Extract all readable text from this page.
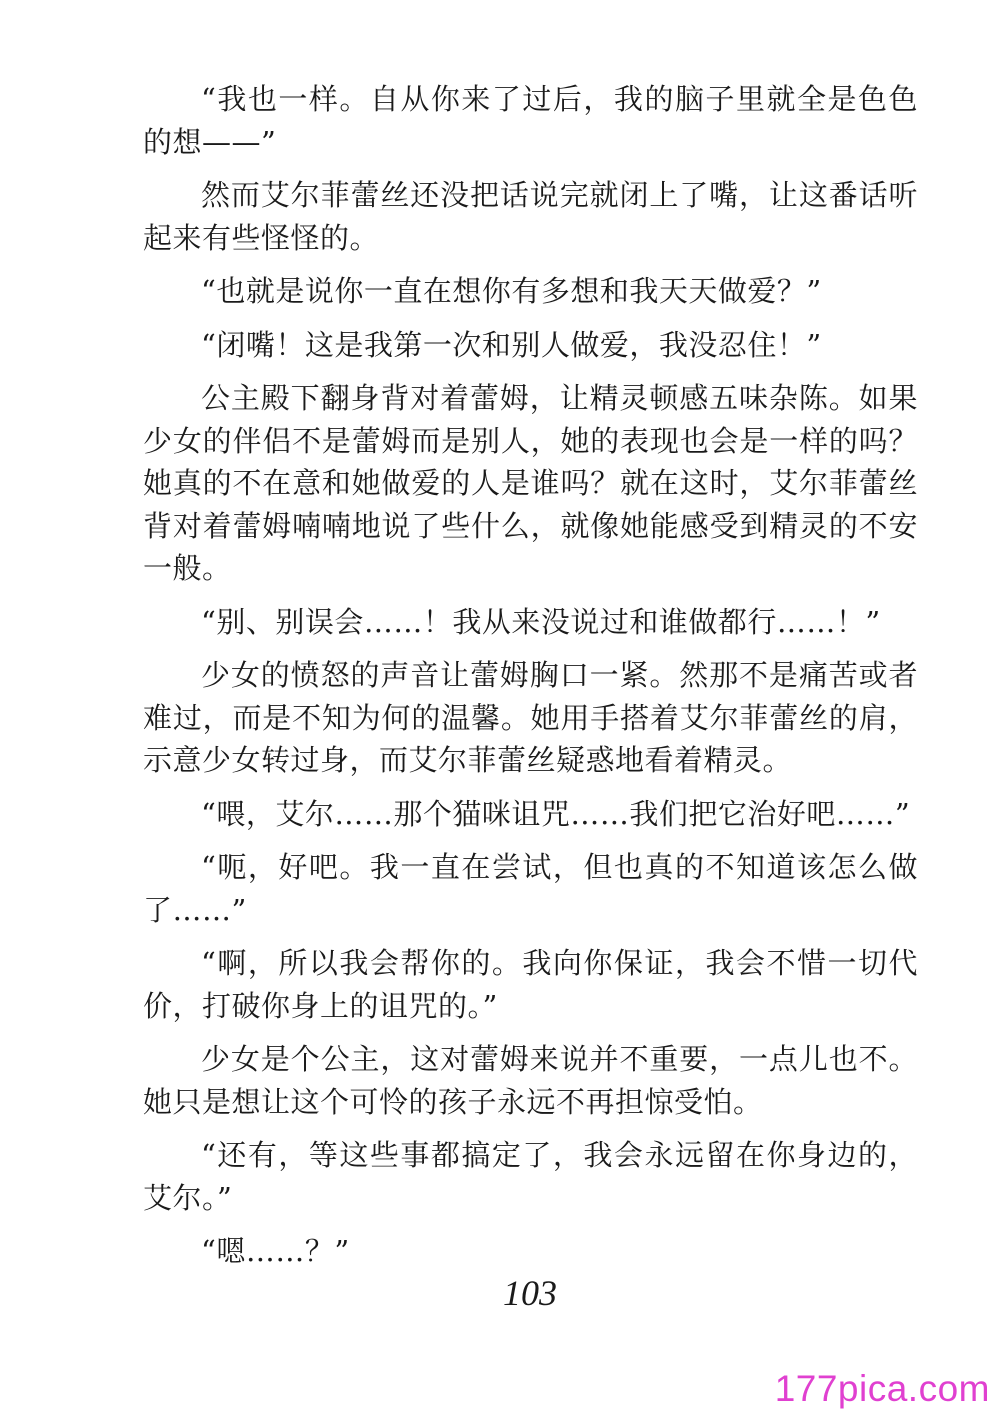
“我也一样。自从你来了过后，我的脑子里就全是色色的想——”

然而艾尔菲蕾丝还没把话说完就闭上了嘴，让这番话听起来有些怪怪的。

“也就是说你一直在想你有多想和我天天做爱？”

“闭嘴！这是我第一次和别人做爱，我没忍住！”

公主殿下翻身背对着蕾姆，让精灵顿感五味杂陈。如果少女的伴侣不是蕾姆而是别人，她的表现也会是一样的吗？她真的不在意和她做爱的人是谁吗？就在这时，艾尔菲蕾丝背对着蕾姆喃喃地说了些什么，就像她能感受到精灵的不安一般。

“别、别误会……！我从来没说过和谁做都行……！”

少女的愤怒的声音让蕾姆胸口一紧。然那不是痛苦或者难过，而是不知为何的温馨。她用手搭着艾尔菲蕾丝的肩，示意少女转过身，而艾尔菲蕾丝疑惑地看着精灵。

“喂，艾尔……那个猫咪诅咒……我们把它治好吧……”

“呃，好吧。我一直在尝试，但也真的不知道该怎么做了……”

“啊，所以我会帮你的。我向你保证，我会不惜一切代价，打破你身上的诅咒的。”

少女是个公主，这对蕾姆来说并不重要，一点儿也不。她只是想让这个可怜的孩子永远不再担惊受怕。

“还有，等这些事都搞定了，我会永远留在你身边的，艾尔。”

“嗯……？”

103
177pica.com
